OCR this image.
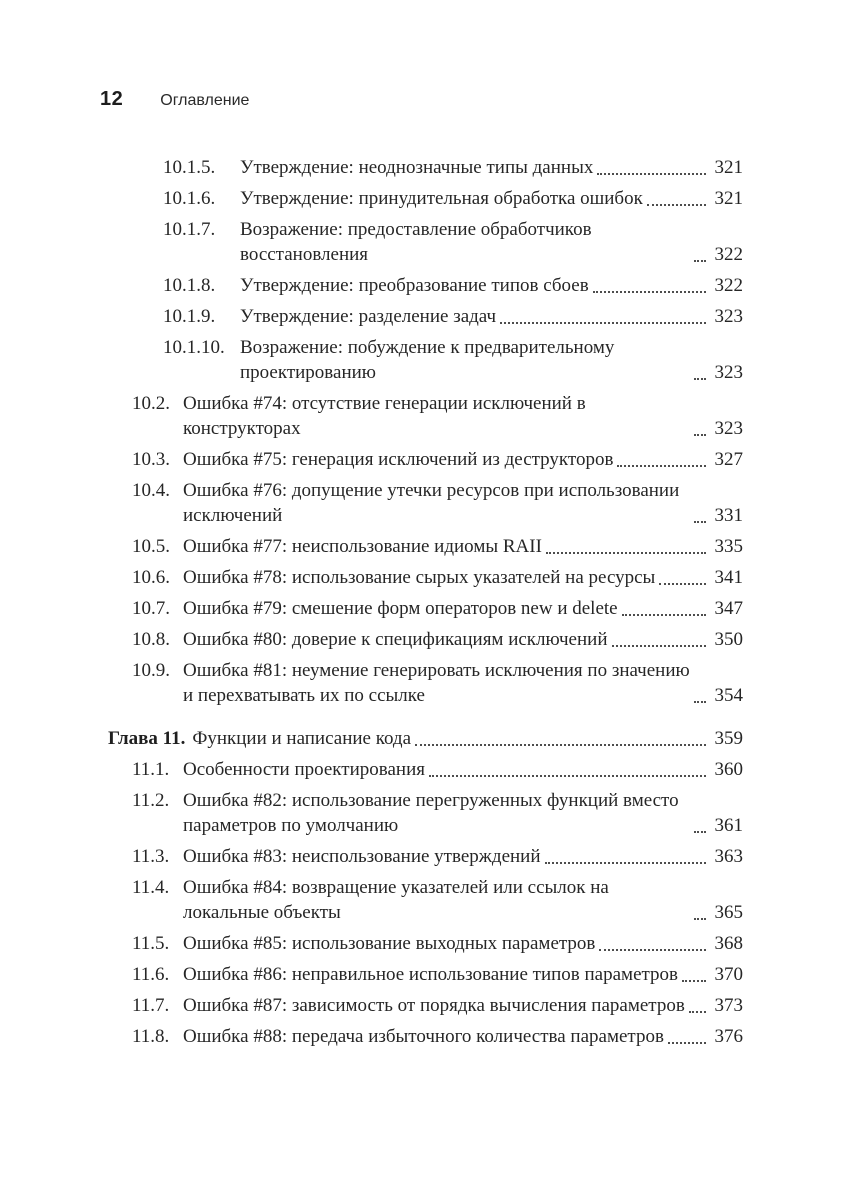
12 Оглавление
10.1.5.	Утверждение: неоднозначные типы данных	321
10.1.6.	Утверждение: принудительная обработка ошибок	321
10.1.7.	Возражение: предоставление обработчиков восстановления	322
10.1.8.	Утверждение: преобразование типов сбоев	322
10.1.9.	Утверждение: разделение задач	323
10.1.10. Возражение: побуждение к предварительному проектированию	323
10.2. Ошибка #74: отсутствие генерации исключений в конструкторах	323
10.3. Ошибка #75: генерация исключений из деструкторов	327
10.4. Ошибка #76: допущение утечки ресурсов при использовании исключений	331
10.5. Ошибка #77: неиспользование идиомы RAII	335
10.6. Ошибка #78: использование сырых указателей на ресурсы	341
10.7. Ошибка #79: смешение форм операторов new и delete	347
10.8. Ошибка #80: доверие к спецификациям исключений	350
10.9. Ошибка #81: неумение генерировать исключения по значению и перехватывать их по ссылке	354
Глава 11. Функции и написание кода	359
11.1. Особенности проектирования	360
11.2. Ошибка #82: использование перегруженных функций вместо параметров по умолчанию	361
11.3. Ошибка #83: неиспользование утверждений	363
11.4. Ошибка #84: возвращение указателей или ссылок на локальные объекты	365
11.5. Ошибка #85: использование выходных параметров	368
11.6. Ошибка #86: неправильное использование типов параметров 370
11.7. Ошибка #87: зависимость от порядка вычисления параметров 373
11.8. Ошибка #88: передача избыточного количества параметров	376
